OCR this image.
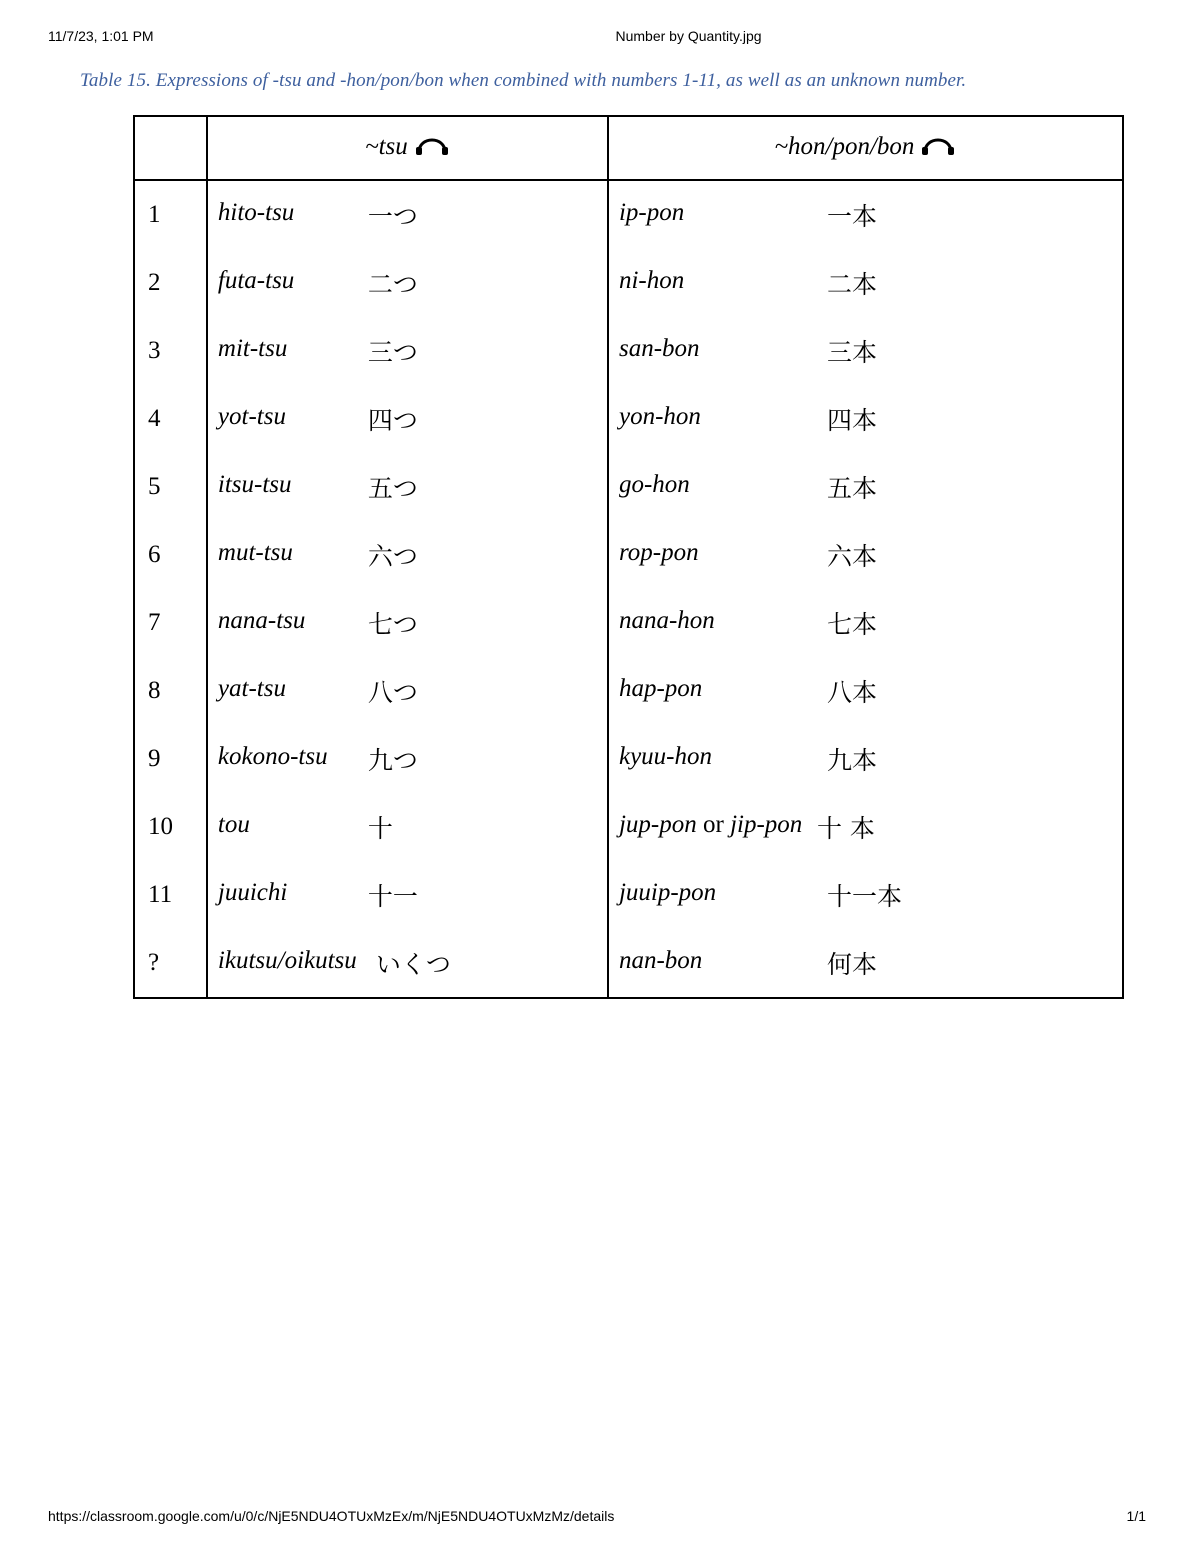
11/7/23, 1:01 PM	Number by Quantity.jpg
Table 15. Expressions of -tsu and -hon/pon/bon when combined with numbers 1-11, as well as an unknown number.
	~tsu	~hon/pon/bon
1	hito-tsu 一つ	ip-pon 一本

2	futa-tsu 二つ	ni-hon 二本

3	mit-tsu 三つ	san-bon 三本

4	yot-tsu 四つ	yon-hon 四本

5	itsu-tsu 五つ	go-hon 五本

6	mut-tsu 六つ	rop-pon 六本

7	nana-tsu 七つ	nana-hon 七本

8	yat-tsu 八つ	hap-pon 八本

9	kokono-tsu 九つ	kyuu-hon 九本

10	tou 十	jup-pon or jip-pon 十 本

11	juuichi 十一	juuip-pon 十一本

?	ikutsu/oikutsu いくつ	nan-bon 何本
https://classroom.google.com/u/0/c/NjE5NDU4OTUxMzEx/m/NjE5NDU4OTUxMzMz/details	1/1
